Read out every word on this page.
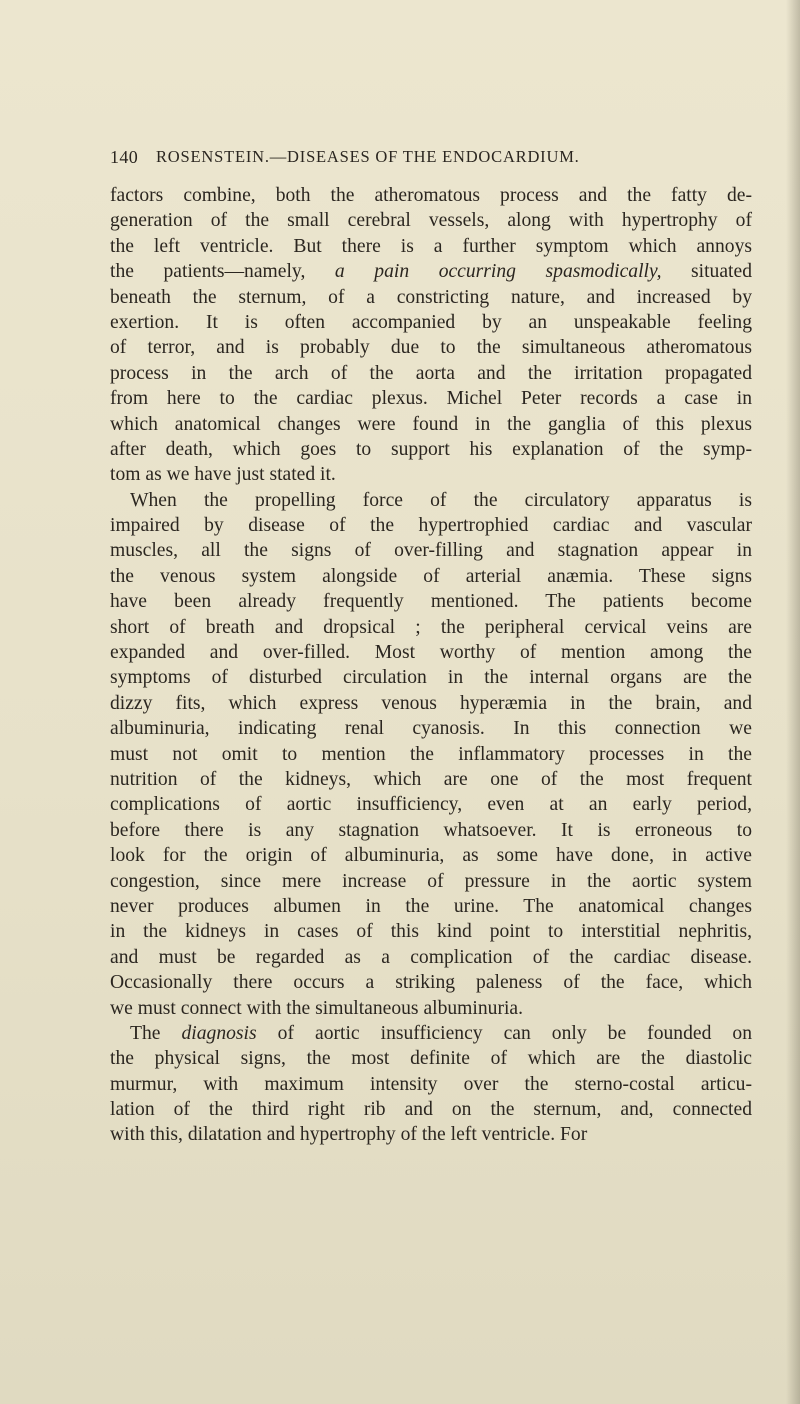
140 ROSENSTEIN.—DISEASES OF THE ENDOCARDIUM.
factors combine, both the atheromatous process and the fatty de-
generation of the small cerebral vessels, along with hypertrophy of
the left ventricle. But there is a further symptom which annoys
the patients—namely, a pain occurring spasmodically, situated
beneath the sternum, of a constricting nature, and increased by
exertion. It is often accompanied by an unspeakable feeling
of terror, and is probably due to the simultaneous atheromatous
process in the arch of the aorta and the irritation propagated
from here to the cardiac plexus. Michel Peter records a case in
which anatomical changes were found in the ganglia of this plexus
after death, which goes to support his explanation of the symp-
tom as we have just stated it.
When the propelling force of the circulatory apparatus is
impaired by disease of the hypertrophied cardiac and vascular
muscles, all the signs of over-filling and stagnation appear in
the venous system alongside of arterial anæmia. These signs
have been already frequently mentioned. The patients become
short of breath and dropsical ; the peripheral cervical veins are
expanded and over-filled. Most worthy of mention among the
symptoms of disturbed circulation in the internal organs are the
dizzy fits, which express venous hyperæmia in the brain, and
albuminuria, indicating renal cyanosis. In this connection we
must not omit to mention the inflammatory processes in the
nutrition of the kidneys, which are one of the most frequent
complications of aortic insufficiency, even at an early period,
before there is any stagnation whatsoever. It is erroneous to
look for the origin of albuminuria, as some have done, in active
congestion, since mere increase of pressure in the aortic system
never produces albumen in the urine. The anatomical changes
in the kidneys in cases of this kind point to interstitial nephritis,
and must be regarded as a complication of the cardiac disease.
Occasionally there occurs a striking paleness of the face, which
we must connect with the simultaneous albuminuria.
The diagnosis of aortic insufficiency can only be founded on
the physical signs, the most definite of which are the diastolic
murmur, with maximum intensity over the sterno-costal articu-
lation of the third right rib and on the sternum, and, connected
with this, dilatation and hypertrophy of the left ventricle. For
